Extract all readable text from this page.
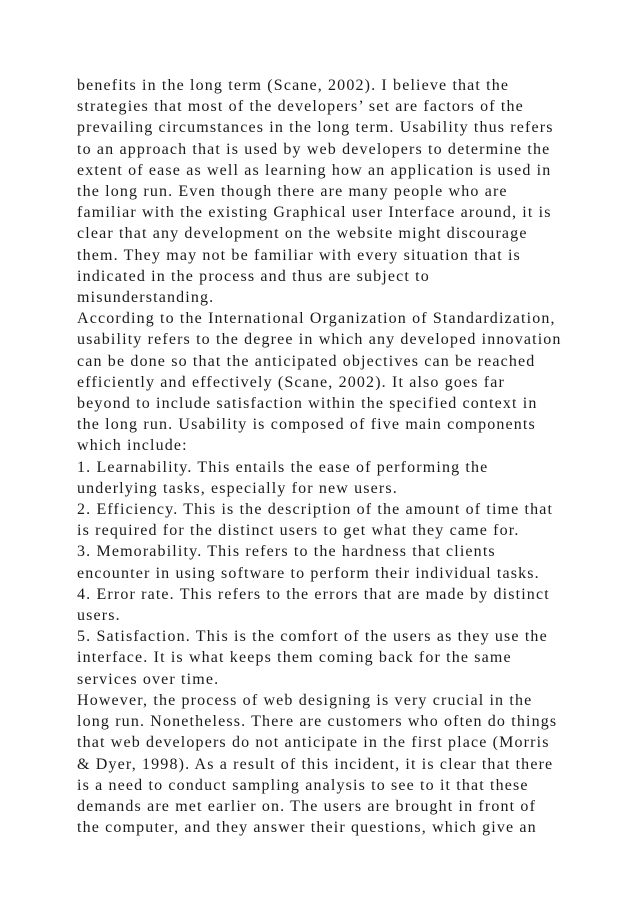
benefits in the long term (Scane, 2002). I believe that the
strategies that most of the developers’ set are factors of the
prevailing circumstances in the long term. Usability thus refers
to an approach that is used by web developers to determine the
extent of ease as well as learning how an application is used in
the long run. Even though there are many people who are
familiar with the existing Graphical user Interface around, it is
clear that any development on the website might discourage
them. They may not be familiar with every situation that is
indicated in the process and thus are subject to
misunderstanding.
According to the International Organization of Standardization,
usability refers to the degree in which any developed innovation
can be done so that the anticipated objectives can be reached
efficiently and effectively (Scane, 2002). It also goes far
beyond to include satisfaction within the specified context in
the long run. Usability is composed of five main components
which include:
1. Learnability. This entails the ease of performing the
underlying tasks, especially for new users.
2. Efficiency. This is the description of the amount of time that
is required for the distinct users to get what they came for.
3. Memorability. This refers to the hardness that clients
encounter in using software to perform their individual tasks.
4. Error rate. This refers to the errors that are made by distinct
users.
5. Satisfaction. This is the comfort of the users as they use the
interface. It is what keeps them coming back for the same
services over time.
However, the process of web designing is very crucial in the
long run. Nonetheless. There are customers who often do things
that web developers do not anticipate in the first place (Morris
& Dyer, 1998). As a result of this incident, it is clear that there
is a need to conduct sampling analysis to see to it that these
demands are met earlier on. The users are brought in front of
the computer, and they answer their questions, which give an
